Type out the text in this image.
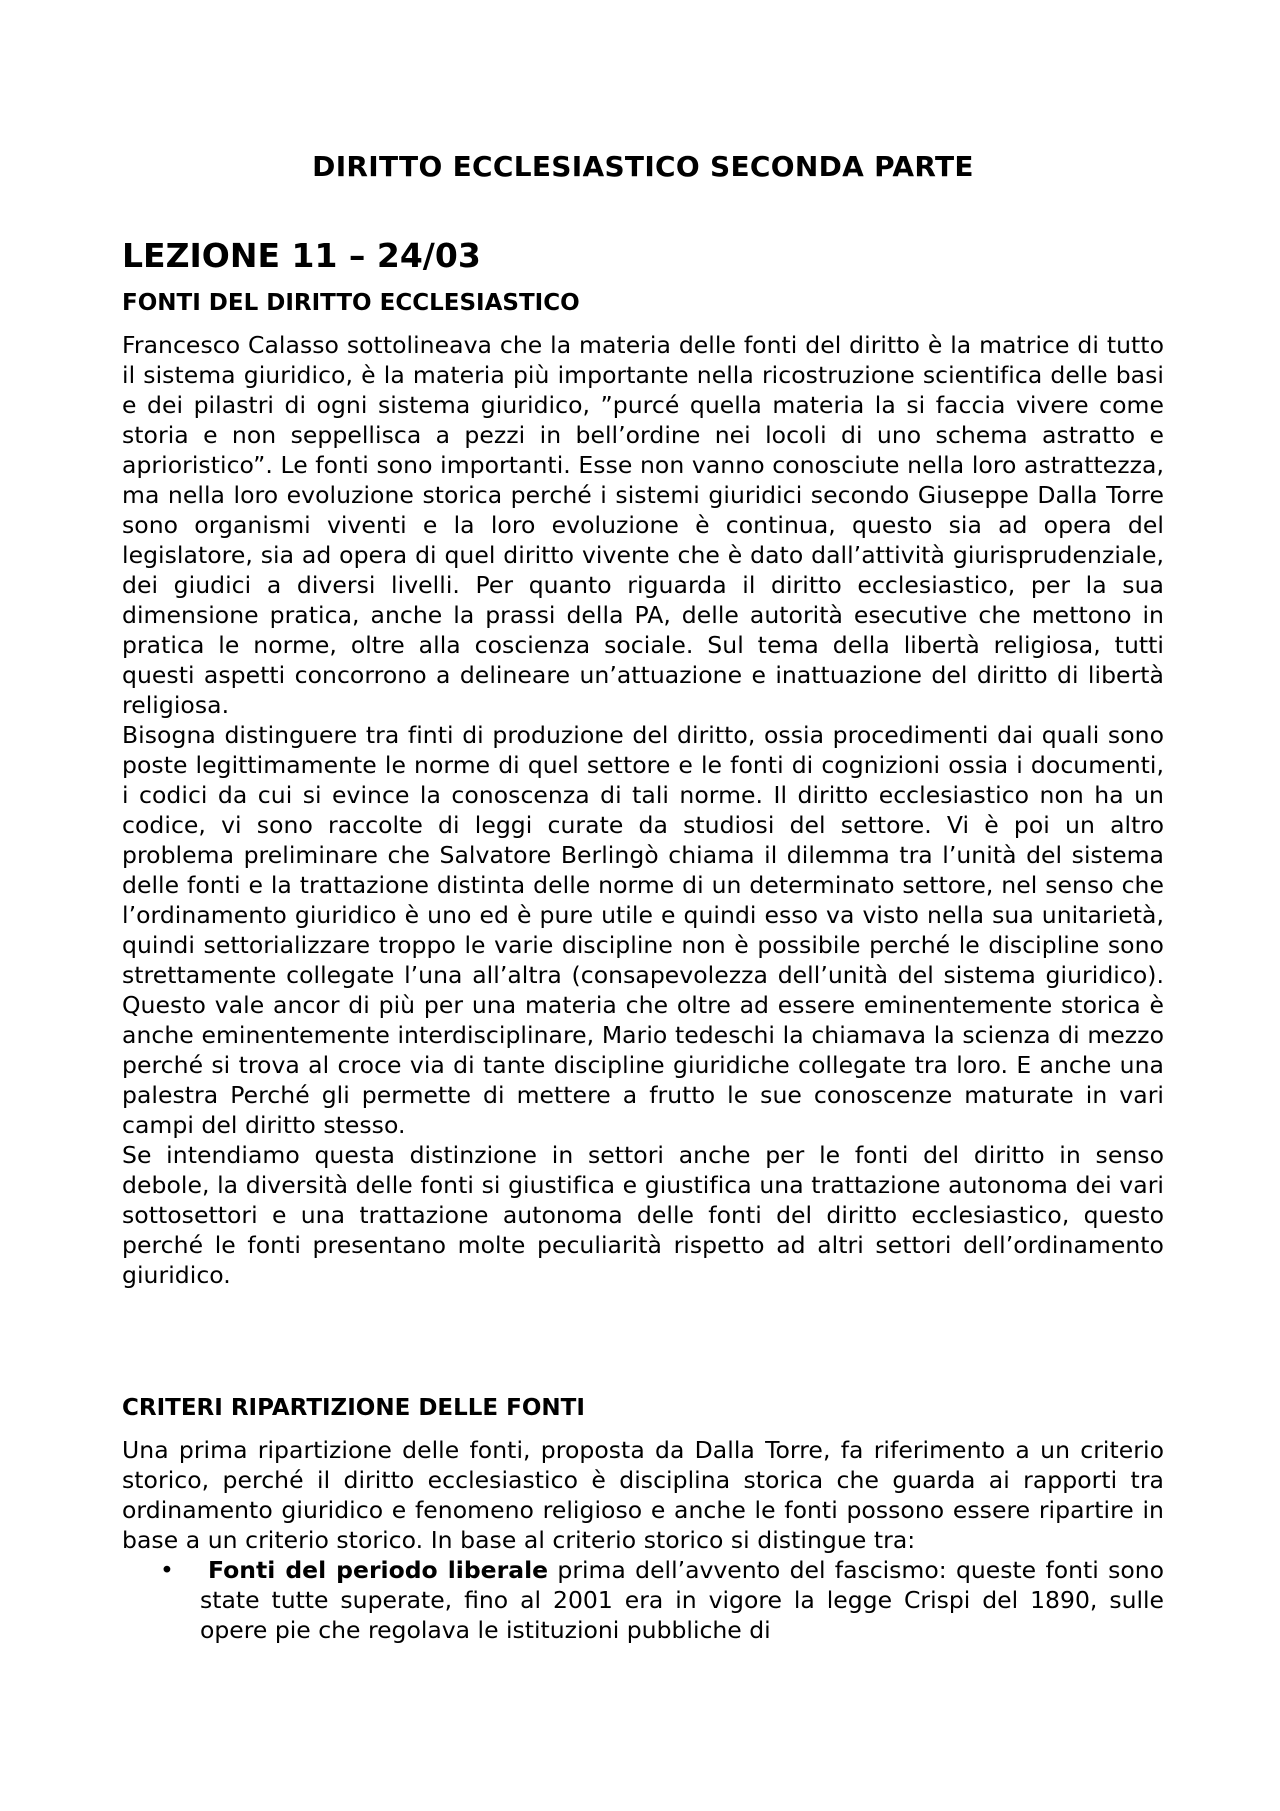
DIRITTO ECCLESIASTICO SECONDA PARTE
LEZIONE 11 – 24/03
FONTI DEL DIRITTO ECCLESIASTICO

Francesco Calasso sottolineava che la materia delle fonti del diritto è la matrice di tutto il sistema giuridico, è la materia più importante nella ricostruzione scientifica delle basi e dei pilastri di ogni sistema giuridico, ”purcé quella materia la si faccia vivere come storia e non seppellisca a pezzi in bell’ordine nei locoli di uno schema astratto e aprioristico”. Le fonti sono importanti. Esse non vanno conosciute nella loro astrattezza, ma nella loro evoluzione storica perché i sistemi giuridici secondo Giuseppe Dalla Torre sono organismi viventi e la loro evoluzione è continua, questo sia ad opera del legislatore, sia ad opera di quel diritto vivente che è dato dall’attività giurisprudenziale, dei giudici a diversi livelli. Per quanto riguarda il diritto ecclesiastico, per la sua dimensione pratica, anche la prassi della PA, delle autorità esecutive che mettono in pratica le norme, oltre alla coscienza sociale. Sul tema della libertà religiosa, tutti questi aspetti concorrono a delineare un’attuazione e inattuazione del diritto di libertà religiosa.

Bisogna distinguere tra finti di produzione del diritto, ossia procedimenti dai quali sono poste legittimamente le norme di quel settore e le fonti di cognizioni ossia i documenti, i codici da cui si evince la conoscenza di tali norme. Il diritto ecclesiastico non ha un codice, vi sono raccolte di leggi curate da studiosi del settore. Vi è poi un altro problema preliminare che Salvatore Berlingò chiama il dilemma tra l’unità del sistema delle fonti e la trattazione distinta delle norme di un determinato settore, nel senso che l’ordinamento giuridico è uno ed è pure utile e quindi esso va visto nella sua unitarietà, quindi settorializzare troppo le varie discipline non è possibile perché le discipline sono strettamente collegate l’una all’altra (consapevolezza dell’unità del sistema giuridico). Questo vale ancor di più per una materia che oltre ad essere eminentemente storica è anche eminentemente interdisciplinare, Mario tedeschi la chiamava la scienza di mezzo perché si trova al croce via di tante discipline giuridiche collegate tra loro. E anche una palestra Perché gli permette di mettere a frutto le sue conoscenze maturate in vari campi del diritto stesso.

Se intendiamo questa distinzione in settori anche per le fonti del diritto in senso debole, la diversità delle fonti si giustifica e giustifica una trattazione autonoma dei vari sottosettori e una trattazione autonoma delle fonti del diritto ecclesiastico, questo perché le fonti presentano molte peculiarità rispetto ad altri settori dell’ordinamento giuridico.

CRITERI RIPARTIZIONE DELLE FONTI

Una prima ripartizione delle fonti, proposta da Dalla Torre, fa riferimento a un criterio storico, perché il diritto ecclesiastico è disciplina storica che guarda ai rapporti tra ordinamento giuridico e fenomeno religioso e anche le fonti possono essere ripartire in base a un criterio storico. In base al criterio storico si distingue tra:

• Fonti del periodo liberale prima dell’avvento del fascismo: queste fonti sono state tutte superate, fino al 2001 era in vigore la legge Crispi del 1890, sulle opere pie che regolava le istituzioni pubbliche di
